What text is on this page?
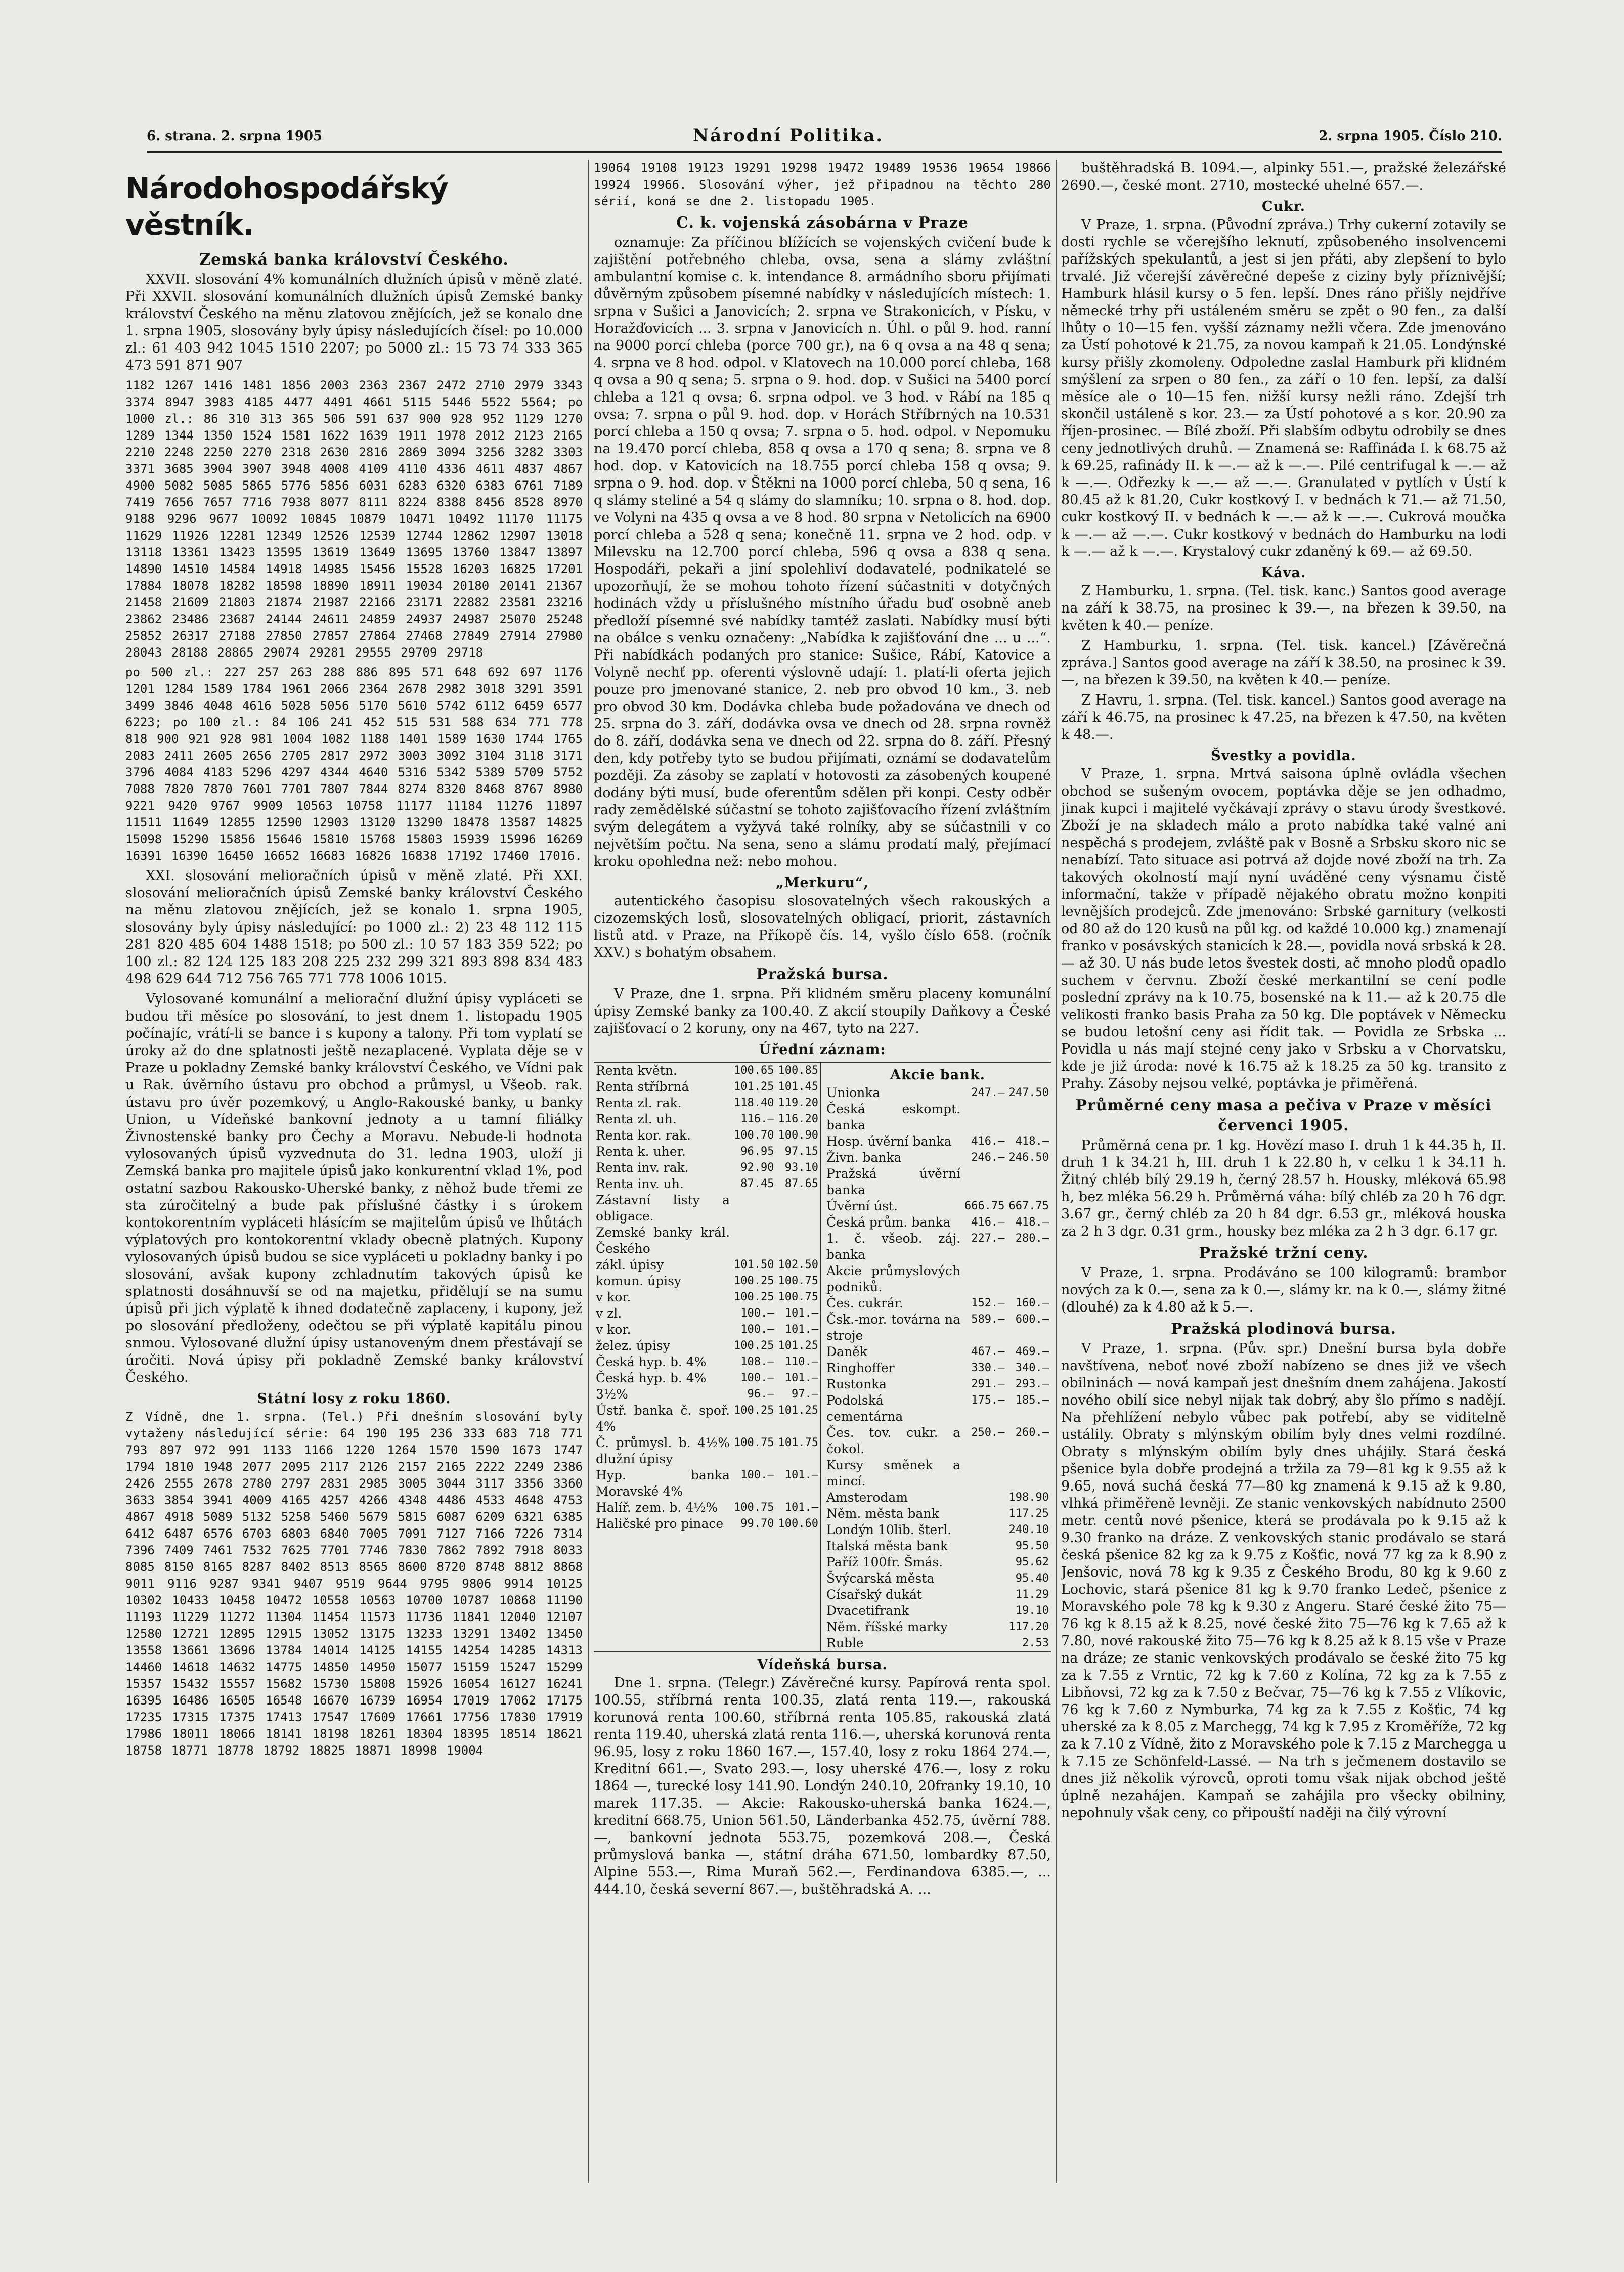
6. strana. 2. srpna 1905	Národní Politika.	2. srpna 1905. Číslo 210.
Národohospodářský věstník.
Zemská banka království Českého.

XXVII. slosování 4% komunálních dlužních úpisů v měně zlaté. Při XXVII. slosování komunálních dlužních úpisů Zemské banky království Českého na měnu zlatovou znějících, jež se konalo dne 1. srpna 1905, slosovány byly úpisy následujících čísel: po 10.000 zl.: 61 403 942 1045 1510 2207; po 5000 zl.: 15 73 74 333 365 473 591 871 907

1182 1267 1416 1481 1856 2003 2363 2367 2472 2710 2979 3343 3374 8947 3983 4185 4477 4491 4661 5115 5446 5522 5564; po 1000 zl.: 86 310 313 365 506 591 637 900 928 952 1129 1270 1289 1344 1350 1524 1581 1622 1639 1911 1978 2012 2123 2165 2210 2248 2250 2270 2318 2630 2816 2869 3094 3256 3282 3303 3371 3685 3904 3907 3948 4008 4109 4110 4336 4611 4837 4867 4900 5082 5085 5865 5776 5856 6031 6283 6320 6383 6761 7189 7419 7656 7657 7716 7938 8077 8111 8224 8388 8456 8528 8970 9188 9296 9677 10092 10845 10879 10471 10492 11170 11175 11629 11926 12281 12349 12526 12539 12744 12862 12907 13018 13118 13361 13423 13595 13619 13649 13695 13760 13847 13897 14890 14510 14584 14918 14985 15456 15528 16203 16825 17201 17884 18078 18282 18598 18890 18911 19034 20180 20141 21367 21458 21609 21803 21874 21987 22166 23171 22882 23581 23216 23862 23486 23687 24144 24611 24859 24937 24987 25070 25248 25852 26317 27188 27850 27857 27864 27468 27849 27914 27980 28043 28188 28865 29074 29281 29555 29709 29718

po 500 zl.: 227 257 263 288 886 895 571 648 692 697 1176 1201 1284 1589 1784 1961 2066 2364 2678 2982 3018 3291 3591 3499 3846 4048 4616 5028 5056 5170 5610 5742 6112 6459 6577 6223; po 100 zl.: 84 106 241 452 515 531 588 634 771 778 818 900 921 928 981 1004 1082 1188 1401 1589 1630 1744 1765 2083 2411 2605 2656 2705 2817 2972 3003 3092 3104 3118 3171 3796 4084 4183 5296 4297 4344 4640 5316 5342 5389 5709 5752 7088 7820 7870 7601 7701 7807 7844 8274 8320 8468 8767 8980 9221 9420 9767 9909 10563 10758 11177 11184 11276 11897 11511 11649 12855 12590 12903 13120 13290 18478 13587 14825 15098 15290 15856 15646 15810 15768 15803 15939 15996 16269 16391 16390 16450 16652 16683 16826 16838 17192 17460 17016.

XXI. slosování melioračních úpisů v měně zlaté. Při XXI. slosování melioračních úpisů Zemské banky království Českého na měnu zlatovou znějících, jež se konalo 1. srpna 1905, slosovány byly úpisy následující: po 1000 zl.: 2) 23 48 112 115 281 820 485 604 1488 1518; po 500 zl.: 10 57 183 359 522; po 100 zl.: 82 124 125 183 208 225 232 299 321 893 898 834 483 498 629 644 712 756 765 771 778 1006 1015.

Vylosované komunální a meliorační dlužní úpisy vypláceti se budou tři měsíce po slosování, to jest dnem 1. listopadu 1905 počínajíc, vrátí-li se bance i s kupony a talony. Při tom vyplatí se úroky až do dne splatnosti ještě nezaplacené. Vyplata děje se v Praze u pokladny Zemské banky království Českého, ve Vídni pak u Rak. úvěrního ústavu pro obchod a průmysl, u Všeob. rak. ústavu pro úvěr pozemkový, u Anglo-Rakouské banky, u banky Union, u Vídeňské bankovní jednoty a u tamní filiálky Živnostenské banky pro Čechy a Moravu. Nebude-li hodnota vylosovaných úpisů vyzvednuta do 31. ledna 1903, uloží ji Zemská banka pro majitele úpisů jako konkurentní vklad 1%, pod ostatní sazbou Rakousko-Uherské banky, z něhož bude třemi ze sta zúročitelný a bude pak příslušné částky i s úrokem kontokorentním vypláceti hlásícím se majitelům úpisů ve lhůtách výplatových pro kontokorentní vklady obecně platných. Kupony vylosovaných úpisů budou se sice vypláceti u pokladny banky i po slosování, avšak kupony zchladnutím takových úpisů ke splatnosti dosáhnuvší se od na majetku, přidělují se na sumu úpisů při jich výplatě k ihned dodatečně zaplaceny, i kupony, jež po slosování předloženy, odečtou se při výplatě kapitálu pinou snmou. Vylosované dlužní úpisy ustanoveným dnem přestávají se úročiti. Nová úpisy při pokladně Zemské banky království Českého.

Státní losy z roku 1860.

Z Vídně, dne 1. srpna. (Tel.) Při dnešním slosování byly vytaženy následující série: 64 190 195 236 333 683 718 771 793 897 972 991 1133 1166 1220 1264 1570 1590 1673 1747 1794 1810 1948 2077 2095 2117 2126 2157 2165 2222 2249 2386 2426 2555 2678 2780 2797 2831 2985 3005 3044 3117 3356 3360 3633 3854 3941 4009 4165 4257 4266 4348 4486 4533 4648 4753 4867 4918 5089 5132 5258 5460 5679 5815 6087 6209 6321 6385 6412 6487 6576 6703 6803 6840 7005 7091 7127 7166 7226 7314 7396 7409 7461 7532 7625 7701 7746 7830 7862 7892 7918 8033 8085 8150 8165 8287 8402 8513 8565 8600 8720 8748 8812 8868 9011 9116 9287 9341 9407 9519 9644 9795 9806 9914 10125 10302 10433 10458 10472 10558 10563 10700 10787 10868 11190 11193 11229 11272 11304 11454 11573 11736 11841 12040 12107 12580 12721 12895 12915 13052 13175 13233 13291 13402 13450 13558 13661 13696 13784 14014 14125 14155 14254 14285 14313 14460 14618 14632 14775 14850 14950 15077 15159 15247 15299 15357 15432 15557 15682 15730 15808 15926 16054 16127 16241 16395 16486 16505 16548 16670 16739 16954 17019 17062 17175 17235 17315 17375 17413 17547 17609 17661 17756 17830 17919 17986 18011 18066 18141 18198 18261 18304 18395 18514 18621 18758 18771 18778 18792 18825 18871 18998 19004

19064 19108 19123 19291 19298 19472 19489 19536 19654 19866 19924 19966. Slosování výher, jež připadnou na těchto 280 sérií, koná se dne 2. listopadu 1905.

C. k. vojenská zásobárna v Praze

oznamuje: Za příčinou blížících se vojenských cvičení bude k zajištění potřebného chleba, ovsa, sena a slámy zvláštní ambulantní komise c. k. intendance 8. armádního sboru přijímati důvěrným způsobem písemné nabídky v následujících místech: 1. srpna v Sušici a Janovicích; 2. srpna ve Strakonicích, v Písku, v Horažďovicích ... 3. srpna v Janovicích n. Úhl. o půl 9. hod. ranní na 9000 porcí chleba (porce 700 gr.), na 6 q ovsa a na 48 q sena; 4. srpna ve 8 hod. odpol. v Klatovech na 10.000 porcí chleba, 168 q ovsa a 90 q sena; 5. srpna o 9. hod. dop. v Sušici na 5400 porcí chleba a 121 q ovsa; 6. srpna odpol. ve 3 hod. v Rábí na 185 q ovsa; 7. srpna o půl 9. hod. dop. v Horách Stříbrných na 10.531 porcí chleba a 150 q ovsa; 7. srpna o 5. hod. odpol. v Nepomuku na 19.470 porcí chleba, 858 q ovsa a 170 q sena; 8. srpna ve 8 hod. dop. v Katovicích na 18.755 porcí chleba 158 q ovsa; 9. srpna o 9. hod. dop. v Štěkni na 1000 porcí chleba, 50 q sena, 16 q slámy steliné a 54 q slámy do slamníku; 10. srpna o 8. hod. dop. ve Volyni na 435 q ovsa a ve 8 hod. 80 srpna v Netolicích na 6900 porcí chleba a 528 q sena; konečně 11. srpna ve 2 hod. odp. v Milevsku na 12.700 porcí chleba, 596 q ovsa a 838 q sena. Hospodáři, pekaři a jiní spolehliví dodavatelé, podnikatelé se upozorňují, že se mohou tohoto řízení súčastniti v dotyčných hodinách vždy u příslušného místního úřadu buď osobně aneb předloží písemné své nabídky tamtéž zaslati. Nabídky musí býti na obálce s venku označeny: „Nabídka k zajišťování dne ... u ...“. Při nabídkách podaných pro stanice: Sušice, Rábí, Katovice a Volyně nechť pp. oferenti výslovně udají: 1. platí-li oferta jejich pouze pro jmenované stanice, 2. neb pro obvod 10 km., 3. neb pro obvod 30 km. Dodávka chleba bude požadována ve dnech od 25. srpna do 3. září, dodávka ovsa ve dnech od 28. srpna rovněž do 8. září, dodávka sena ve dnech od 22. srpna do 8. září. Přesný den, kdy potřeby tyto se budou přijímati, oznámí se dodavatelům později. Za zásoby se zaplatí v hotovosti za zásobených koupené dodány býti musí, bude oferentům sdělen při konpi. Cesty odběr rady zemědělské súčastní se tohoto zajišťovacího řízení zvláštním svým delegátem a vyžyvá také rolníky, aby se súčastnili v co největším počtu. Na sena, seno a slámu prodatí malý, přejímací kroku opohledna než: nebo mohou.

„Merkuru“,

autentického časopisu slosovatelných všech rakouských a cizozemských losů, slosovatelných obligací, priorit, zástavních listů atd. v Praze, na Příkopě čís. 14, vyšlo číslo 658. (ročník XXV.) s bohatým obsahem.

Pražská bursa.

V Praze, dne 1. srpna. Při klidném směru placeny komunální úpisy Zemské banky za 100.40. Z akcií stoupily Daňkovy a České zajišťovací o 2 koruny, ony na 467, tyto na 227.

Úřední záznam:
Renta květn.	100.65	100.85
Renta stříbrná	101.25	101.45
Renta zl. rak.	118.40	119.20
Renta zl. uh.	116.—	116.20
Renta kor. rak.	100.70	100.90
Renta k. uher.	96.95	97.15
Renta inv. rak.	92.90	93.10
Renta inv. uh.	87.45	87.65
Zástavní listy a obligace.		
Zemské banky král. Českého		
zákl. úpisy	101.50	102.50
komun. úpisy	100.25	100.75
v kor.	100.25	100.75
v zl.	100.—	101.—
v kor.	100.—	101.—
želez. úpisy	100.25	101.25
Česká hyp. b. 4%	108.—	110.—
Česká hyp. b. 4%	100.—	101.—
3½%	96.—	97.—
Ústř. banka č. spoř. 4%	100.25	101.25
Č. průmysl. b. 4½% dlužní úpisy	100.75	101.75
Hyp. banka Moravské 4%	100.—	101.—
Halíř. zem. b. 4½%	100.75	101.—
Haličské pro pinace	99.70	100.60
Akcie bank.
Unionka	247.—	247.50
Česká eskompt. banka		
Hosp. úvěrní banka	416.—	418.—
Živn. banka	246.—	246.50
Pražská úvěrní banka		
Úvěrní úst.	666.75	667.75
Česká prům. banka	416.—	418.—
1. č. všeob. záj. banka	227.—	280.—
Akcie průmyslových podniků.		
Čes. cukrár.	152.—	160.—
Čsk.-mor. továrna na stroje	589.—	600.—
Daněk	467.—	469.—
Ringhoffer	330.—	340.—
Rustonka	291.—	293.—
Podolská cementárna	175.—	185.—
Čes. tov. cukr. a čokol.	250.—	260.—
Kursy směnek a mincí.		
Amsterodam		198.90
Něm. města bank		117.25
Londýn 10lib. šterl.		240.10
Italská města bank		95.50
Paříž 100fr. Šmás.		95.62
Švýcarská města		95.40
Císařský dukát		11.29
Dvacetifrank		19.10
Něm. říšské marky		117.20
Ruble		2.53
Vídeňská bursa.

Dne 1. srpna. (Telegr.) Závěrečné kursy. Papírová renta spol. 100.55, stříbrná renta 100.35, zlatá renta 119.—, rakouská korunová renta 100.60, stříbrná renta 105.85, rakouská zlatá renta 119.40, uherská zlatá renta 116.—, uherská korunová renta 96.95, losy z roku 1860 167.—, 157.40, losy z roku 1864 274.—, Kreditní 661.—, Svato 293.—, losy uherské 476.—, losy z roku 1864 —, turecké losy 141.90. Londýn 240.10, 20franky 19.10, 10 marek 117.35. — Akcie: Rakousko-uherská banka 1624.—, kreditní 668.75, Union 561.50, Länderbanka 452.75, úvěrní 788.—, bankovní jednota 553.75, pozemková 208.—, Česká průmyslová banka —, státní dráha 671.50, lombardky 87.50, Alpine 553.—, Rima Muraň 562.—, Ferdinandova 6385.—, ... 444.10, česká severní 867.—, buštěhradská A. ...

buštěhradská B. 1094.—, alpinky 551.—, pražské železářské 2690.—, české mont. 2710, mostecké uhelné 657.—.

Cukr.

V Praze, 1. srpna. (Původní zpráva.) Trhy cukerní zotavily se dosti rychle se včerejšího leknutí, způsobeného insolvencemi pařížských spekulantů, a jest si jen přáti, aby zlepšení to bylo trvalé. Již včerejší závěrečné depeše z ciziny byly příznivější; Hamburk hlásil kursy o 5 fen. lepší. Dnes ráno přišly nejdříve německé trhy při ustáleném směru se zpět o 90 fen., za další lhůty o 10—15 fen. vyšší záznamy nežli včera. Zde jmenováno za Ústí pohotové k 21.75, za novou kampaň k 21.05. Londýnské kursy přišly zkomoleny. Odpoledne zaslal Hamburk při klidném smýšlení za srpen o 80 fen., za září o 10 fen. lepší, za další měsíce ale o 10—15 fen. nižší kursy nežli ráno. Zdejší trh skončil ustáleně s kor. 23.— za Ústí pohotové a s kor. 20.90 za říjen-prosinec. — Bílé zboží. Při slabším odbytu odrobily se dnes ceny jednotlivých druhů. — Znamená se: Raffináda I. k 68.75 až k 69.25, rafinády II. k —.— až k —.—. Pilé centrifugal k —.— až k —.—. Odřezky k —.— až —.—. Granulated v pytlích v Ústí k 80.45 až k 81.20, Cukr kostkový I. v bednách k 71.— až 71.50, cukr kostkový II. v bednách k —.— až k —.—. Cukrová moučka k —.— až —.—. Cukr kostkový v bednách do Hamburku na lodi k —.— až k —.—. Krystalový cukr zdaněný k 69.— až 69.50.

Káva.

Z Hamburku, 1. srpna. (Tel. tisk. kanc.) Santos good average na září k 38.75, na prosinec k 39.—, na březen k 39.50, na květen k 40.— peníze.

Z Hamburku, 1. srpna. (Tel. tisk. kancel.) [Závěrečná zpráva.] Santos good average na září k 38.50, na prosinec k 39.—, na březen k 39.50, na květen k 40.— peníze.

Z Havru, 1. srpna. (Tel. tisk. kancel.) Santos good average na září k 46.75, na prosinec k 47.25, na březen k 47.50, na květen k 48.—.

Švestky a povidla.

V Praze, 1. srpna. Mrtvá saisona úplně ovládla všechen obchod se sušeným ovocem, poptávka děje se jen odhadmo, jinak kupci i majitelé vyčkávají zprávy o stavu úrody švestkové. Zboží je na skladech málo a proto nabídka také valné ani nespěchá s prodejem, zvláště pak v Bosně a Srbsku skoro nic se nenabízí. Tato situace asi potrvá až dojde nové zboží na trh. Za takových okolností mají nyní uváděné ceny výsnamu čistě informační, takže v případě nějakého obratu možno konpiti levnějších prodejců. Zde jmenováno: Srbské garnitury (velkosti od 80 až do 120 kusů na půl kg. od každé 10.000 kg.) znamenají franko v posávských stanicích k 28.—, povidla nová srbská k 28.— až 30. U nás bude letos švestek dosti, ač mnoho plodů opadlo suchem v červnu. Zboží české merkantilní se cení podle poslední zprávy na k 10.75, bosenské na k 11.— až k 20.75 dle velikosti franko basis Praha za 50 kg. Dle poptávek v Německu se budou letošní ceny asi řídit tak. — Povidla ze Srbska ... Povidla u nás mají stejné ceny jako v Srbsku a v Chorvatsku, kde je již úroda: nové k 16.75 až k 18.25 za 50 kg. transito z Prahy. Zásoby nejsou velké, poptávka je přiměřená.

Průměrné ceny masa a pečiva v Praze v měsíci červenci 1905.

Průměrná cena pr. 1 kg. Hovězí maso I. druh 1 k 44.35 h, II. druh 1 k 34.21 h, III. druh 1 k 22.80 h, v celku 1 k 34.11 h. Žitný chléb bílý 29.19 h, černý 28.57 h. Housky, mléková 65.98 h, bez mléka 56.29 h. Průměrná váha: bílý chléb za 20 h 76 dgr. 3.67 gr., černý chléb za 20 h 84 dgr. 6.53 gr., mléková houska za 2 h 3 dgr. 0.31 grm., housky bez mléka za 2 h 3 dgr. 6.17 gr.

Pražské tržní ceny.

V Praze, 1. srpna. Prodáváno se 100 kilogramů: brambor nových za k 0.—, sena za k 0.—, slámy kr. na k 0.—, slámy žitné (dlouhé) za k 4.80 až k 5.—.

Pražská plodinová bursa.

V Praze, 1. srpna. (Pův. spr.) Dnešní bursa byla dobře navštívena, neboť nové zboží nabízeno se dnes již ve všech obilninách — nová kampaň jest dnešním dnem zahájena. Jakostí nového obilí sice nebyl nijak tak dobrý, aby šlo přímo s nadějí. Na přehlížení nebylo vůbec pak potřebí, aby se viditelně ustálily. Obraty s mlýnským obilím byly dnes velmi rozdílné. Obraty s mlýnským obilím byly dnes uhájily. Stará česká pšenice byla dobře prodejná a tržila za 79—81 kg k 9.55 až k 9.65, nová suchá česká 77—80 kg znamená k 9.15 až k 9.80, vlhká přiměřeně levněji. Ze stanic venkovských nabídnuto 2500 metr. centů nové pšenice, která se prodávala po k 9.15 až k 9.30 franko na dráze. Z venkovských stanic prodávalo se stará česká pšenice 82 kg za k 9.75 z Košťic, nová 77 kg za k 8.90 z Jenšovic, nová 78 kg k 9.35 z Českého Brodu, 80 kg k 9.60 z Lochovic, stará pšenice 81 kg k 9.70 franko Ledeč, pšenice z Moravského pole 78 kg k 9.30 z Angeru. Staré české žito 75—76 kg k 8.15 až k 8.25, nové české žito 75—76 kg k 7.65 až k 7.80, nové rakouské žito 75—76 kg k 8.25 až k 8.15 vše v Praze na dráze; ze stanic venkovských prodávalo se české žito 75 kg za k 7.55 z Vrntic, 72 kg k 7.60 z Kolína, 72 kg za k 7.55 z Libňovsi, 72 kg za k 7.50 z Bečvar, 75—76 kg k 7.55 z Vlíkovic, 76 kg k 7.60 z Nymburka, 74 kg za k 7.55 z Košťic, 74 kg uherské za k 8.05 z Marchegg, 74 kg k 7.95 z Kroměříže, 72 kg za k 7.10 z Vídně, žito z Moravského pole k 7.15 z Marchegga u k 7.15 ze Schönfeld-Lassé. — Na trh s ječmenem dostavilo se dnes již několik výrovců, oproti tomu však nijak obchod ještě úplně nezahájen. Kampaň se zahájila pro všecky obilniny, nepohnuly však ceny, co připouští naději na čilý výrovní
